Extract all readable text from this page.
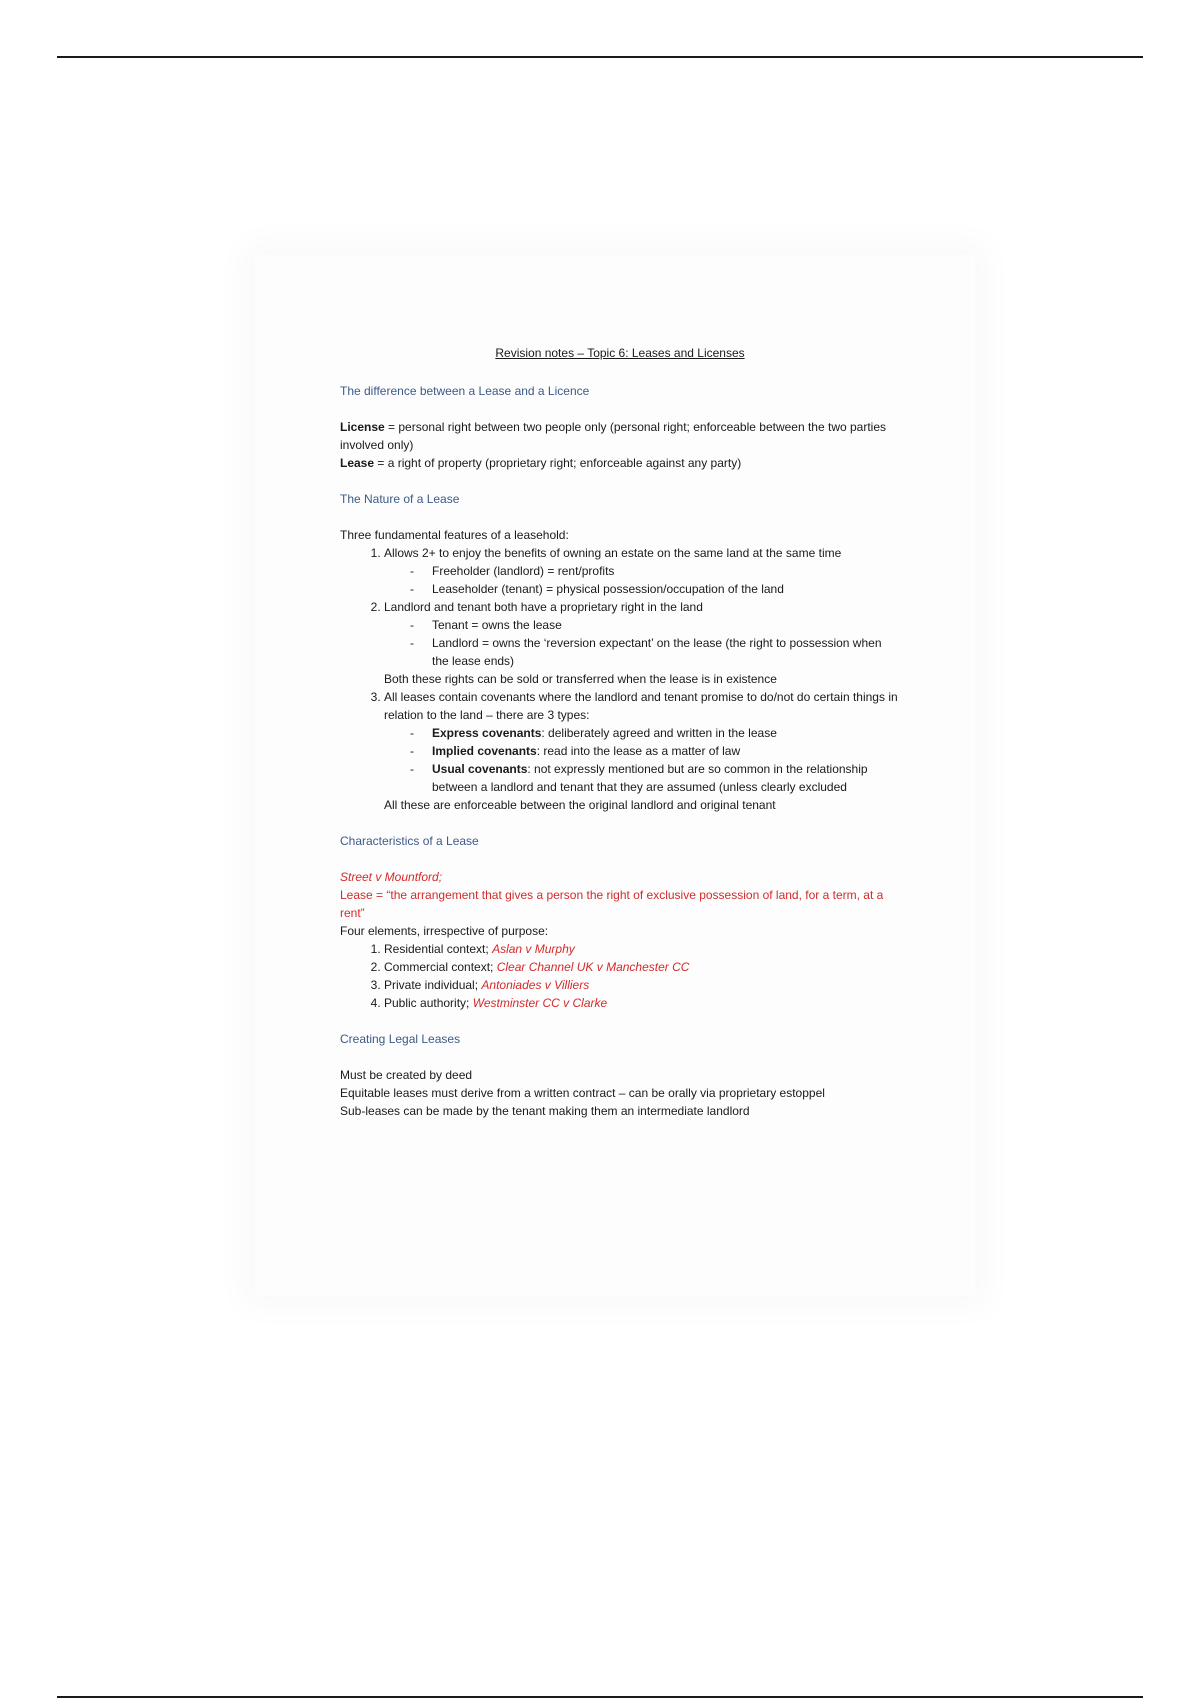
Revision notes – Topic 6: Leases and Licenses

The difference between a Lease and a Licence

License = personal right between two people only (personal right; enforceable between the two parties involved only)

Lease = a right of property (proprietary right; enforceable against any party)

The Nature of a Lease

Three fundamental features of a leasehold:

1. Allows 2+ to enjoy the benefits of owning an estate on the same land at the same time
- Freeholder (landlord) = rent/profits
- Leaseholder (tenant) = physical possession/occupation of the land
2. Landlord and tenant both have a proprietary right in the land
- Tenant = owns the lease
- Landlord = owns the ‘reversion expectant’ on the lease (the right to possession when the lease ends)

Both these rights can be sold or transferred when the lease is in existence

3. All leases contain covenants where the landlord and tenant promise to do/not do certain things in relation to the land – there are 3 types:
- Express covenants: deliberately agreed and written in the lease
- Implied covenants: read into the lease as a matter of law
- Usual covenants: not expressly mentioned but are so common in the relationship between a landlord and tenant that they are assumed (unless clearly excluded

All these are enforceable between the original landlord and original tenant

Characteristics of a Lease

Street v Mountford;

Lease = “the arrangement that gives a person the right of exclusive possession of land, for a term, at a rent”

Four elements, irrespective of purpose:

1. Residential context; Aslan v Murphy
2. Commercial context; Clear Channel UK v Manchester CC
3. Private individual; Antoniades v Villiers
4. Public authority; Westminster CC v Clarke

Creating Legal Leases

Must be created by deed

Equitable leases must derive from a written contract – can be orally via proprietary estoppel

Sub-leases can be made by the tenant making them an intermediate landlord
